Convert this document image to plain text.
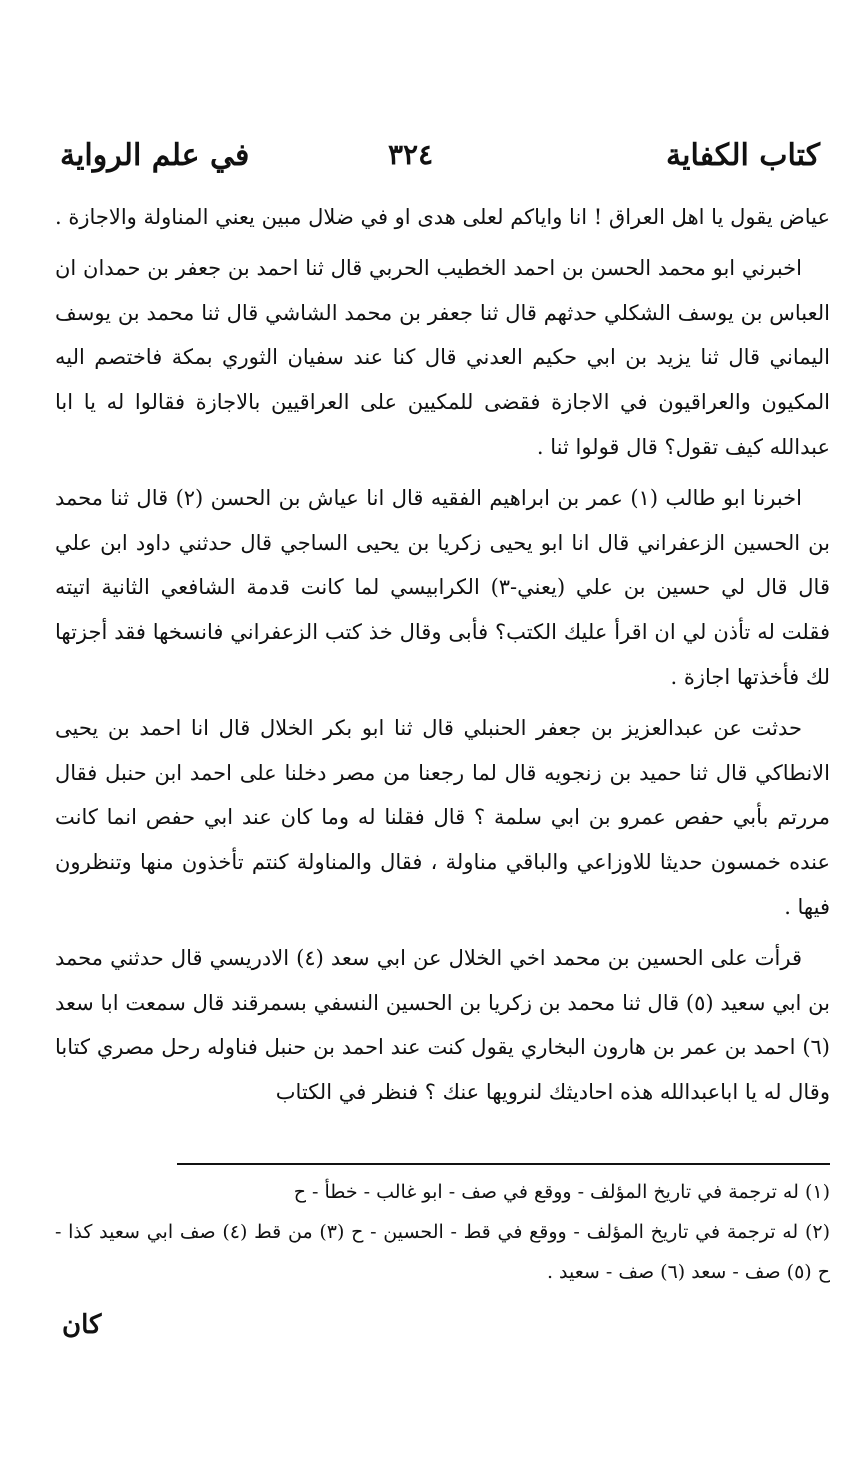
كتاب الكفاية
٣٢٤
في علم الرواية

عياض يقول يا اهل العراق ! انا واياكم لعلى هدى او في ضلال مبين يعني المناولة والاجازة .

اخبرني ابو محمد الحسن بن احمد الخطيب الحربي قال ثنا احمد بن جعفر بن حمدان ان العباس بن يوسف الشكلي حدثهم قال ثنا جعفر بن محمد الشاشي قال ثنا محمد بن يوسف اليماني قال ثنا يزيد بن ابي حكيم العدني قال كنا عند سفيان الثوري بمكة فاختصم اليه المكيون والعراقيون في الاجازة فقضى للمكيين على العراقيين بالاجازة فقالوا له يا ابا عبدالله كيف تقول؟ قال قولوا ثنا .

اخبرنا ابو طالب (١) عمر بن ابراهيم الفقيه قال انا عياش بن الحسن (٢) قال ثنا محمد بن الحسين الزعفراني قال انا ابو يحيى زكريا بن يحيى الساجي قال حدثني داود ابن علي قال قال لي حسين بن علي (يعني-٣) الكرابيسي لما كانت قدمة الشافعي الثانية اتيته فقلت له تأذن لي ان اقرأ عليك الكتب؟ فأبى وقال خذ كتب الزعفراني فانسخها فقد أجزتها لك فأخذتها اجازة .

حدثت عن عبدالعزيز بن جعفر الحنبلي قال ثنا ابو بكر الخلال قال انا احمد بن يحيى الانطاكي قال ثنا حميد بن زنجويه قال لما رجعنا من مصر دخلنا على احمد ابن حنبل فقال مررتم بأبي حفص عمرو بن ابي سلمة ؟ قال فقلنا له وما كان عند ابي حفص انما كانت عنده خمسون حديثا للاوزاعي والباقي مناولة ، فقال والمناولة كنتم تأخذون منها وتنظرون فيها .

قرأت على الحسين بن محمد اخي الخلال عن ابي سعد (٤) الادريسي قال حدثني محمد بن ابي سعيد (٥) قال ثنا محمد بن زكريا بن الحسين النسفي بسمرقند قال سمعت ابا سعد (٦) احمد بن عمر بن هارون البخاري يقول كنت عند احمد بن حنبل فناوله رحل مصري كتابا وقال له يا اباعبدالله هذه احاديثك لنرويها عنك ؟ فنظر في الكتاب

(١) له ترجمة في تاريخ المؤلف - ووقع في صف - ابو غالب - خطأ - ح

(٢) له ترجمة في تاريخ المؤلف - ووقع في قط - الحسين - ح (٣) من قط (٤) صف ابي سعيد كذا - ح (٥) صف - سعد (٦) صف - سعيد .

كان
